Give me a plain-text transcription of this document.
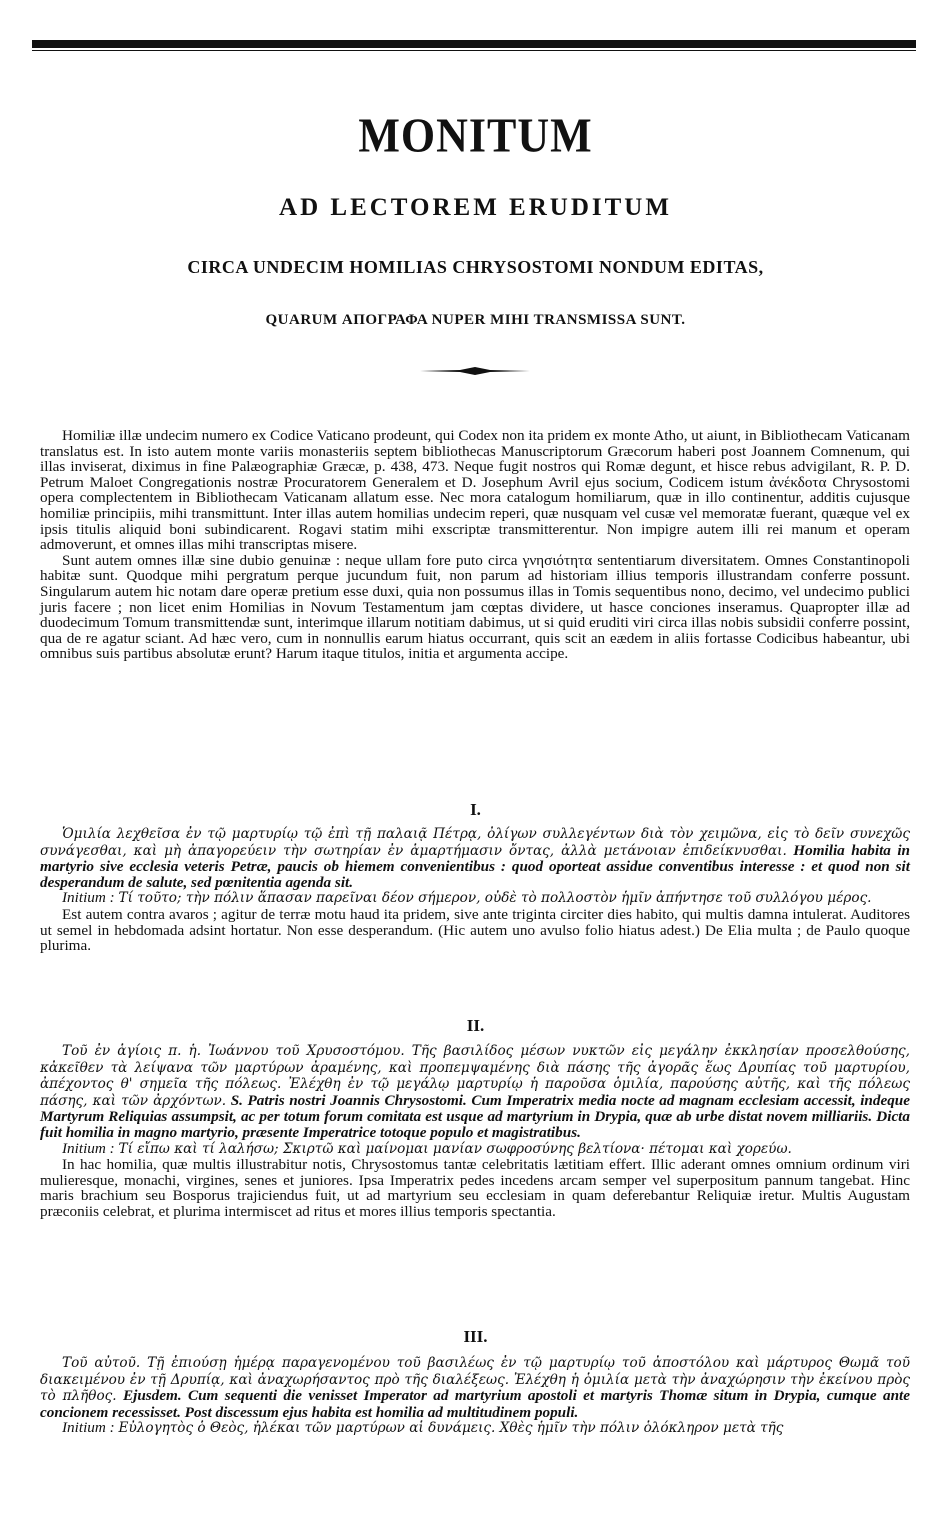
MONITUM
AD LECTOREM ERUDITUM
CIRCA UNDECIM HOMILIAS CHRYSOSTOMI NONDUM EDITAS,
QUARUM ΑΠΟΓΡΑΦΑ NUPER MIHI TRANSMISSA SUNT.

Homiliæ illæ undecim numero ex Codice Vaticano prodeunt, qui Codex non ita pridem ex monte Atho, ut aiunt, in Bibliothecam Vaticanam translatus est. In isto autem monte variis monasteriis septem bibliothecas Manuscriptorum Græcorum haberi post Joannem Comnenum, qui illas inviserat, diximus in fine Palæographiæ Græcæ, p. 438, 473. Neque fugit nostros qui Romæ degunt, et hisce rebus advigilant, R. P. D. Petrum Maloet Congregationis nostræ Procuratorem Generalem et D. Josephum Avril ejus socium, Codicem istum ἀνέκδοτα Chrysostomi opera complectentem in Bibliothecam Vaticanam allatum esse. Nec mora catalogum homiliarum, quæ in illo continentur, additis cujusque homiliæ principiis, mihi transmittunt. Inter illas autem homilias undecim reperi, quæ nusquam vel cusæ vel memoratæ fuerant, quæque vel ex ipsis titulis aliquid boni subindicarent. Rogavi statim mihi exscriptæ transmitterentur. Non impigre autem illi rei manum et operam admoverunt, et omnes illas mihi transcriptas misere.

Sunt autem omnes illæ sine dubio genuinæ : neque ullam fore puto circa γνησιότητα sententiarum diversitatem. Omnes Constantinopoli habitæ sunt. Quodque mihi pergratum perque jucundum fuit, non parum ad historiam illius temporis illustrandam conferre possunt. Singularum autem hic notam dare operæ pretium esse duxi, quia non possumus illas in Tomis sequentibus nono, decimo, vel undecimo publici juris facere ; non licet enim Homilias in Novum Testamentum jam cœptas dividere, ut hasce conciones inseramus. Quapropter illæ ad duodecimum Tomum transmittendæ sunt, interimque illarum notitiam dabimus, ut si quid eruditi viri circa illas nobis subsidii conferre possint, qua de re agatur sciant. Ad hæc vero, cum in nonnullis earum hiatus occurrant, quis scit an eædem in aliis fortasse Codicibus habeantur, ubi omnibus suis partibus absolutæ erunt? Harum itaque titulos, initia et argumenta accipe.

I.

Ὁμιλία λεχθεῖσα ἐν τῷ μαρτυρίῳ τῷ ἐπὶ τῇ παλαιᾷ Πέτρᾳ, ὀλίγων συλλεγέντων διὰ τὸν χειμῶνα, εἰς τὸ δεῖν συνεχῶς συνάγεσθαι, καὶ μὴ ἀπαγορεύειν τὴν σωτηρίαν ἐν ἁμαρτήμασιν ὄντας, ἀλλὰ μετάνοιαν ἐπιδείκνυσθαι. Homilia habita in martyrio sive ecclesia veteris Petræ, paucis ob hiemem convenientibus : quod oporteat assidue conventibus interesse : et quod non sit desperandum de salute, sed pœnitentia agenda sit.

Initium : Τί τοῦτο; τὴν πόλιν ἅπασαν παρεῖναι δέον σήμερον, οὐδὲ τὸ πολλοστὸν ἡμῖν ἀπήντησε τοῦ συλλόγου μέρος.

Est autem contra avaros ; agitur de terræ motu haud ita pridem, sive ante triginta circiter dies habito, qui multis damna intulerat. Auditores ut semel in hebdomada adsint hortatur. Non esse desperandum. (Hic autem uno avulso folio hiatus adest.) De Elia multa ; de Paulo quoque plurima.

II.

Τοῦ ἐν ἁγίοις π. ἡ. Ἰωάννου τοῦ Χρυσοστόμου. Τῆς βασιλίδος μέσων νυκτῶν εἰς μεγάλην ἐκκλησίαν προσελθούσης, κἀκεῖθεν τὰ λείψανα τῶν μαρτύρων ἀραμένης, καὶ προπεμψαμένης διὰ πάσης τῆς ἀγορᾶς ἕως Δρυπίας τοῦ μαρτυρίου, ἀπέχοντος θ' σημεῖα τῆς πόλεως. Ἐλέχθη ἐν τῷ μεγάλῳ μαρτυρίῳ ἡ παροῦσα ὁμιλία, παρούσης αὐτῆς, καὶ τῆς πόλεως πάσης, καὶ τῶν ἀρχόντων. S. Patris nostri Joannis Chrysostomi. Cum Imperatrix media nocte ad magnam ecclesiam accessit, indeque Martyrum Reliquias assumpsit, ac per totum forum comitata est usque ad martyrium in Drypia, quæ ab urbe distat novem milliariis. Dicta fuit homilia in magno martyrio, præsente Imperatrice totoque populo et magistratibus.

Initium : Τί εἴπω καὶ τί λαλήσω; Σκιρτῶ καὶ μαίνομαι μανίαν σωφροσύνης βελτίονα· πέτομαι καὶ χορεύω.

In hac homilia, quæ multis illustrabitur notis, Chrysostomus tantæ celebritatis lætitiam effert. Illic aderant omnes omnium ordinum viri mulieresque, monachi, virgines, senes et juniores. Ipsa Imperatrix pedes incedens arcam semper vel superpositum pannum tangebat. Hinc maris brachium seu Bosporus trajiciendus fuit, ut ad martyrium seu ecclesiam in quam deferebantur Reliquiæ iretur. Multis Augustam præconiis celebrat, et plurima intermiscet ad ritus et mores illius temporis spectantia.

III.

Τοῦ αὐτοῦ. Τῇ ἐπιούσῃ ἡμέρᾳ παραγενομένου τοῦ βασιλέως ἐν τῷ μαρτυρίῳ τοῦ ἀποστόλου καὶ μάρτυρος Θωμᾶ τοῦ διακειμένου ἐν τῇ Δρυπίᾳ, καὶ ἀναχωρήσαντος πρὸ τῆς διαλέξεως. Ἐλέχθη ἡ ὁμιλία μετὰ τὴν ἀναχώρησιν τὴν ἐκείνου πρὸς τὸ πλῆθος. Ejusdem. Cum sequenti die venisset Imperator ad martyrium apostoli et martyris Thomæ situm in Drypia, cumque ante concionem recessisset. Post discessum ejus habita est homilia ad multitudinem populi.

Initium : Εὐλογητὸς ὁ Θεὸς, ἠλέκαι τῶν μαρτύρων αἱ δυνάμεις. Χθὲς ἡμῖν τὴν πόλιν ὁλόκληρον μετὰ τῆς
